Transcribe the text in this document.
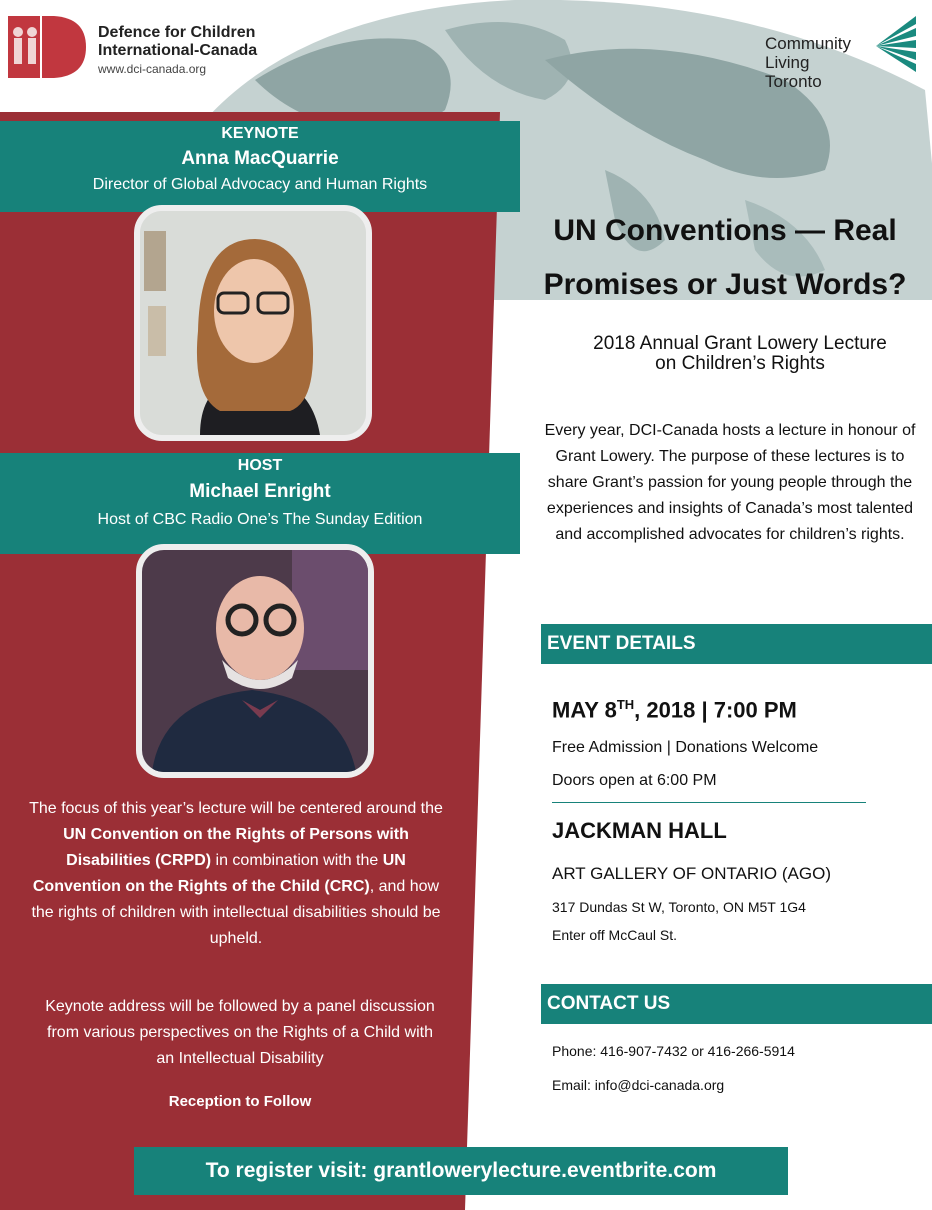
Defence for Children
International-Canada
www.dci-canada.org
Community
Living
Toronto
KEYNOTE
Anna MacQuarrie
Director of Global Advocacy and Human Rights
HOST
Michael Enright
Host of CBC Radio One’s The Sunday Edition
The focus of this year’s lecture will be centered around the UN Convention on the Rights of Persons with Disabilities (CRPD) in combination with the UN Convention on the Rights of the Child (CRC), and how the rights of children with intellectual disabilities should be upheld.
Keynote address will be followed by a panel discussion from various perspectives on the Rights of a Child with an Intellectual Disability
Reception to Follow
UN Conventions — Real Promises or Just Words?
2018 Annual Grant Lowery Lecture
on Children’s Rights
Every year, DCI-Canada hosts a lecture in honour of Grant Lowery. The purpose of these lectures is to share Grant’s passion for young people through the experiences and insights of Canada’s most talented and accomplished advocates for children’s rights.
EVENT DETAILS
MAY 8TH, 2018 | 7:00 PM
Free Admission | Donations Welcome
Doors open at 6:00 PM
JACKMAN HALL
ART GALLERY OF ONTARIO (AGO)
317 Dundas St W, Toronto, ON M5T 1G4
Enter off McCaul St.
CONTACT US
Phone: 416-907-7432 or 416-266-5914
Email: info@dci-canada.org
To register visit: grantlowerylecture.eventbrite.com
